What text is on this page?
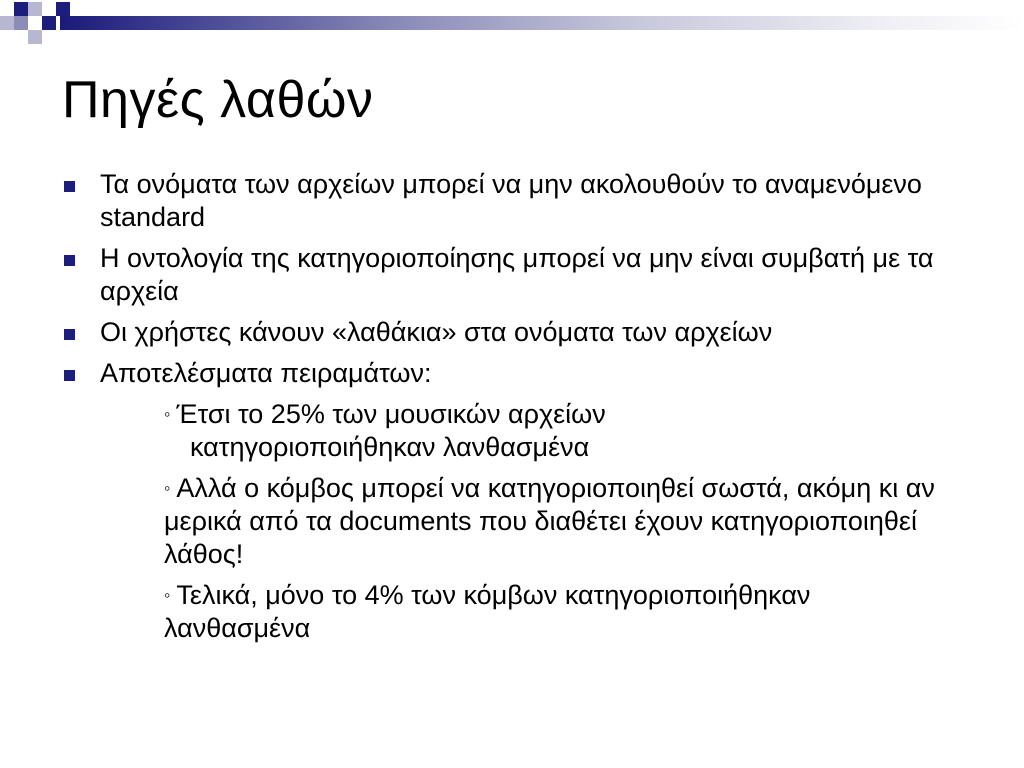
Πηγές λαθών
Τα ονόματα των αρχείων μπορεί να μην ακολουθούν το αναμενόμενο standard
Η οντολογία της κατηγοριοποίησης μπορεί να μην είναι συμβατή με τα αρχεία
Οι χρήστες κάνουν «λαθάκια» στα ονόματα των αρχείων
Αποτελέσματα πειραμάτων:
◦ Έτσι το 25% των μουσικών αρχείων
κατηγοριοποιήθηκαν λανθασμένα
◦ Αλλά ο κόμβος μπορεί να κατηγοριοποιηθεί σωστά, ακόμη κι αν μερικά από τα documents που διαθέτει έχουν κατηγοριοποιηθεί λάθος!
◦ Τελικά, μόνο το 4% των κόμβων κατηγοριοποιήθηκαν λανθασμένα
